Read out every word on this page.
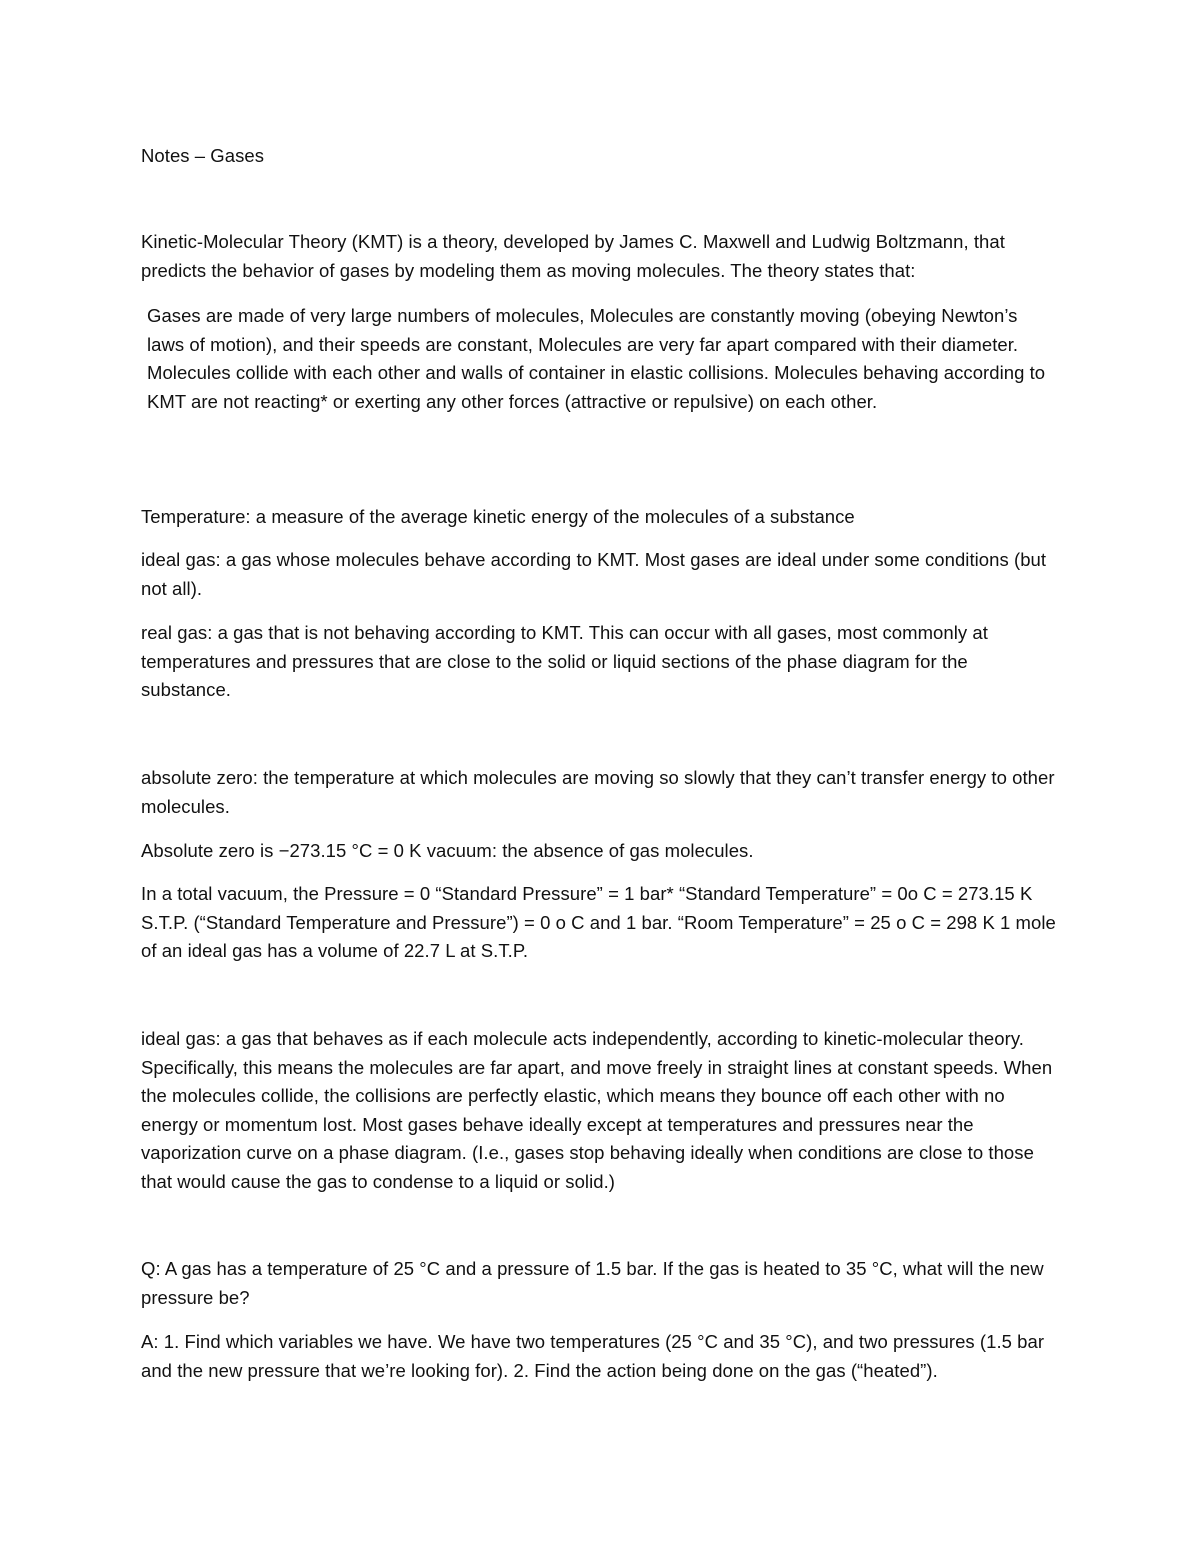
Notes – Gases

Kinetic-Molecular Theory (KMT) is a theory, developed by James C. Maxwell and Ludwig Boltzmann, that predicts the behavior of gases by modeling them as moving molecules. The theory states that:

Gases are made of very large numbers of molecules, Molecules are constantly moving (obeying Newton’s laws of motion), and their speeds are constant, Molecules are very far apart compared with their diameter. Molecules collide with each other and walls of container in elastic collisions. Molecules behaving according to KMT are not reacting* or exerting any other forces (attractive or repulsive) on each other.

Temperature: a measure of the average kinetic energy of the molecules of a substance

ideal gas: a gas whose molecules behave according to KMT. Most gases are ideal under some conditions (but not all).

real gas: a gas that is not behaving according to KMT. This can occur with all gases, most commonly at temperatures and pressures that are close to the solid or liquid sections of the phase diagram for the substance.

absolute zero: the temperature at which molecules are moving so slowly that they can’t transfer energy to other molecules.

Absolute zero is −273.15 °C = 0 K vacuum: the absence of gas molecules.

In a total vacuum, the Pressure = 0 “Standard Pressure” = 1 bar* “Standard Temperature” = 0o C = 273.15 K S.T.P. (“Standard Temperature and Pressure”) = 0 o C and 1 bar. “Room Temperature” = 25 o C = 298 K 1 mole of an ideal gas has a volume of 22.7 L at S.T.P.

ideal gas: a gas that behaves as if each molecule acts independently, according to kinetic-molecular theory. Specifically, this means the molecules are far apart, and move freely in straight lines at constant speeds. When the molecules collide, the collisions are perfectly elastic, which means they bounce off each other with no energy or momentum lost. Most gases behave ideally except at temperatures and pressures near the vaporization curve on a phase diagram. (I.e., gases stop behaving ideally when conditions are close to those that would cause the gas to condense to a liquid or solid.)

Q: A gas has a temperature of 25 °C and a pressure of 1.5 bar. If the gas is heated to 35 °C, what will the new pressure be?

A: 1. Find which variables we have. We have two temperatures (25 °C and 35 °C), and two pressures (1.5 bar and the new pressure that we’re looking for). 2. Find the action being done on the gas (“heated”).
